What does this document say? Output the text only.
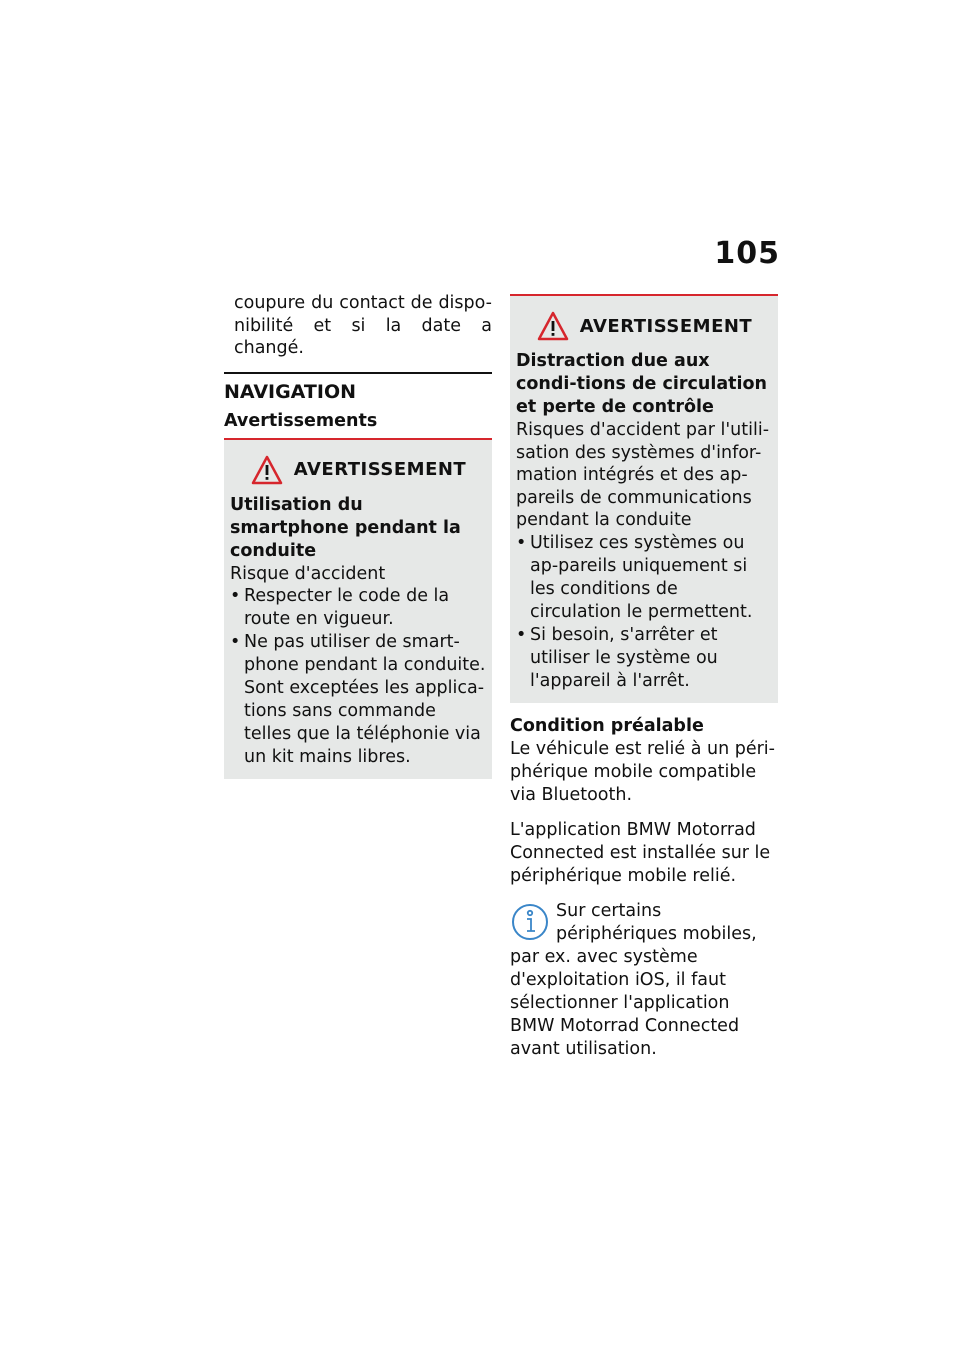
105
coupure du contact de dispo-nibilité et si la date a changé.
NAVIGATION
Avertissements
AVERTISSEMENT
Utilisation du smartphone pendant la conduite
Risque d'accident
• Respecter le code de la route en vigueur.
• Ne pas utiliser de smart-phone pendant la conduite. Sont exceptées les applica-tions sans commande telles que la téléphonie via un kit mains libres.
AVERTISSEMENT
Distraction due aux condi-tions de circulation et perte de contrôle
Risques d'accident par l'utili-sation des systèmes d'infor-mation intégrés et des ap-pareils de communications pendant la conduite
• Utilisez ces systèmes ou ap-pareils uniquement si les conditions de circulation le permettent.
• Si besoin, s'arrêter et utiliser le système ou l'appareil à l'arrêt.
Condition préalable

Le véhicule est relié à un péri-phérique mobile compatible via Bluetooth.

L'application BMW Motorrad Connected est installée sur le périphérique mobile relié.

Sur certains périphériques mobiles, par ex. avec système d'exploitation iOS, il faut sélectionner l'application BMW Motorrad Connected avant utilisation.
